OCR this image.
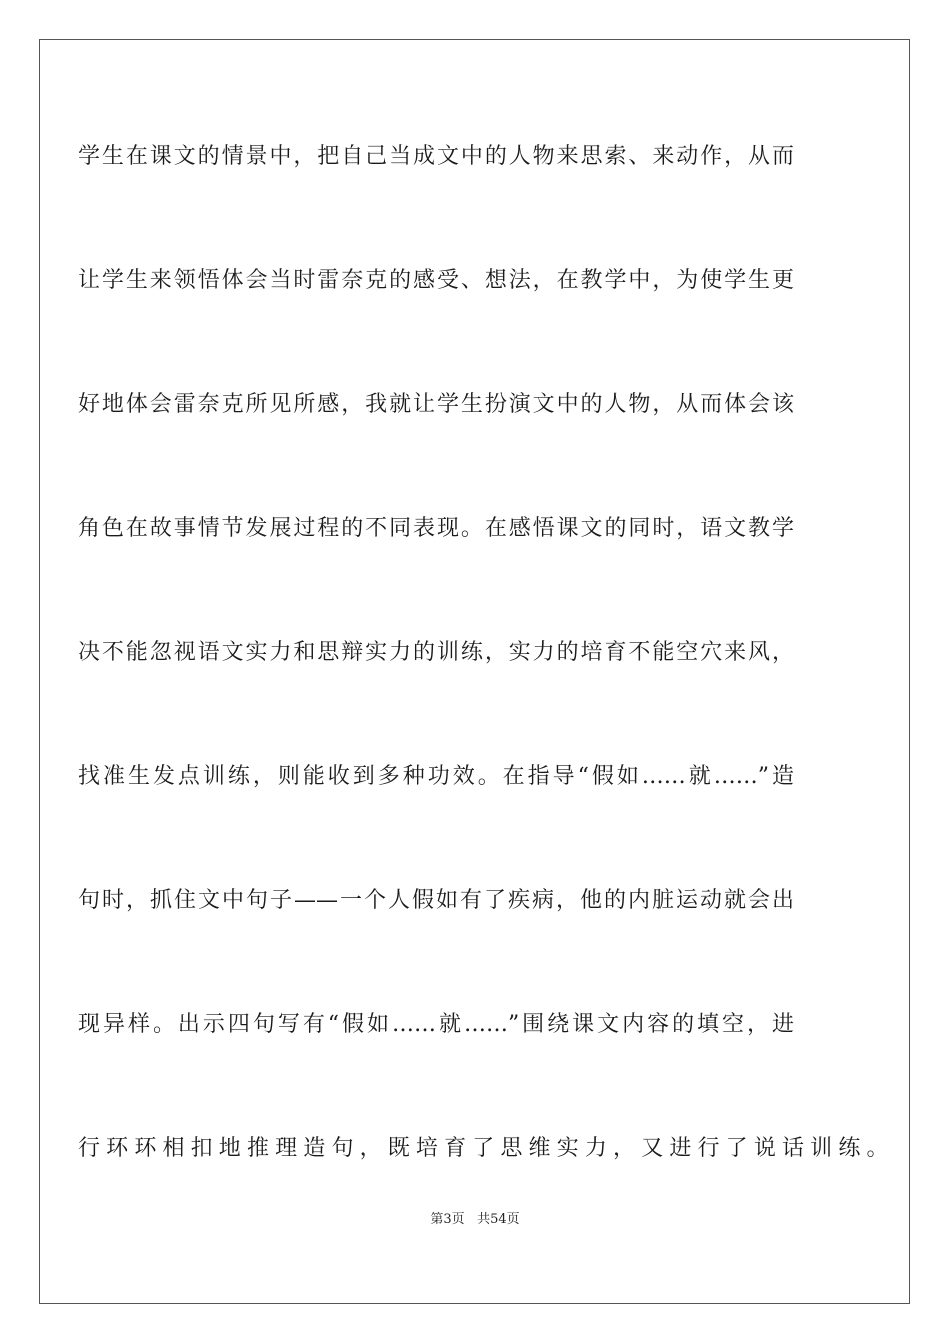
学生在课文的情景中，把自己当成文中的人物来思索、来动作，从而
让学生来领悟体会当时雷奈克的感受、想法，在教学中，为使学生更
好地体会雷奈克所见所感，我就让学生扮演文中的人物，从而体会该
角色在故事情节发展过程的不同表现。在感悟课文的同时，语文教学
决不能忽视语文实力和思辩实力的训练，实力的培育不能空穴来风，
找准生发点训练，则能收到多种功效。在指导“假如……就……”造
句时，抓住文中句子——一个人假如有了疾病，他的内脏运动就会出
现异样。出示四句写有“假如……就……”围绕课文内容的填空，进
行环环相扣地推理造句，既培育了思维实力，又进行了说话训练。
第3页 共54页
